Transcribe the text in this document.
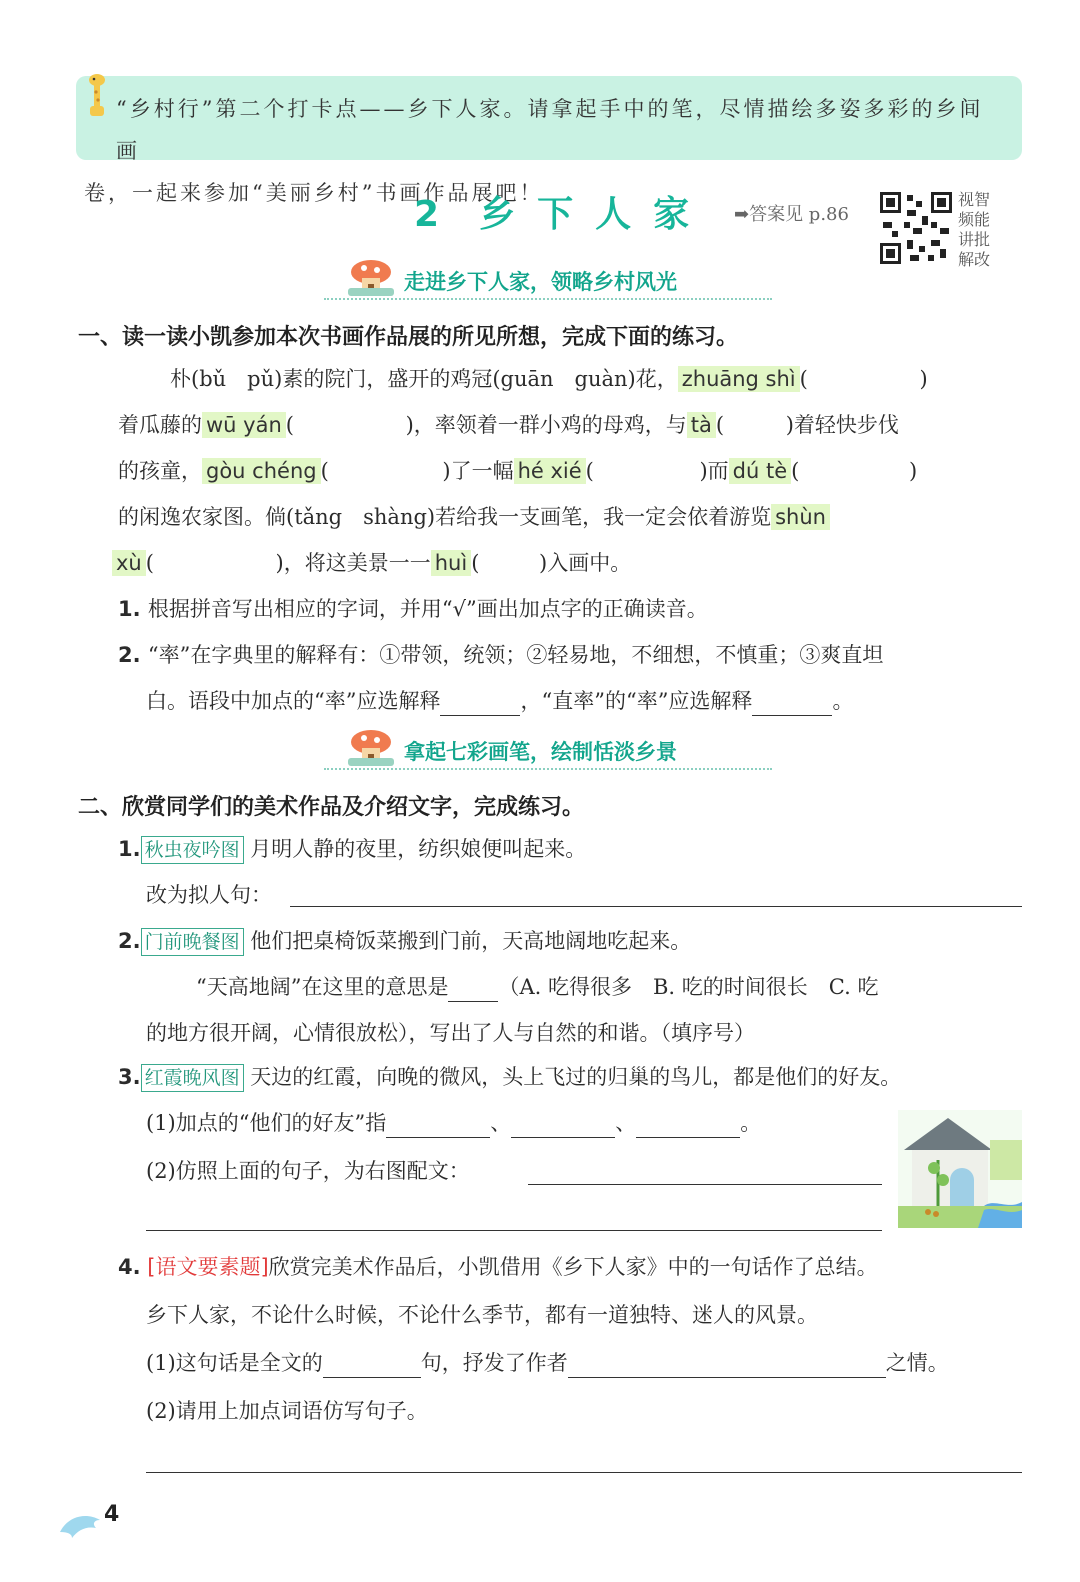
“乡村行”第二个打卡点——乡下人家。请拿起手中的笔，尽情描绘多姿多彩的乡间画
卷，一起来参加“美丽乡村”书画作品展吧！
2 乡下人家 ➡答案见 p.86
视智频能讲批解改
走进乡下人家，领略乡村风光
一、读一读小凯参加本次书画作品展的所见所想，完成下面的练习。
朴(bǔ　pǔ)素的院门，盛开的鸡冠(guān　guàn)花， zhuāng shì (	)
着瓜藤的 wū yán (	) ，率领着一群小鸡的母鸡，与 tà (	) 着轻快步伐
的孩童， gòu chéng (	) 了一幅 hé xié (	) 而 dú tè (	)
的闲逸农家图。倘(tǎng　shàng)若给我一支画笔，我一定会依着游览 shùn
xù (	) ，将这美景一一 huì (	) 入画中。
1. 根据拼音写出相应的字词，并用“√”画出加点字的正确读音。
2. “率”在字典里的解释有：①带领，统领；②轻易地，不细想，不慎重；③爽直坦
白。语段中加点的“率”应选解释	，“直率”的“率”应选解释	。
拿起七彩画笔，绘制恬淡乡景
二、欣赏同学们的美术作品及介绍文字，完成练习。
1. 秋虫夜吟图 月明人静的夜里，纺织娘便叫起来。
改为拟人句：
2. 门前晚餐图 他们把桌椅饭菜搬到门前，天高地阔地吃起来。
“天高地阔”在这里的意思是 （A. 吃得很多　B. 吃的时间很长　C. 吃
的地方很开阔，心情很放松），写出了人与自然的和谐。（填序号）
3. 红霞晚风图 天边的红霞，向晚的微风，头上飞过的归巢的鸟儿，都是他们的好友。
(1)加点的“他们的好友”指	、	、	。
(2)仿照上面的句子，为右图配文：
4. [语文要素题]欣赏完美术作品后，小凯借用《乡下人家》中的一句话作了总结。
乡下人家，不论什么时候，不论什么季节，都有一道独特、迷人的风景。
(1)这句话是全文的	句，抒发了作者	之情。
(2)请用上加点词语仿写句子。
4
